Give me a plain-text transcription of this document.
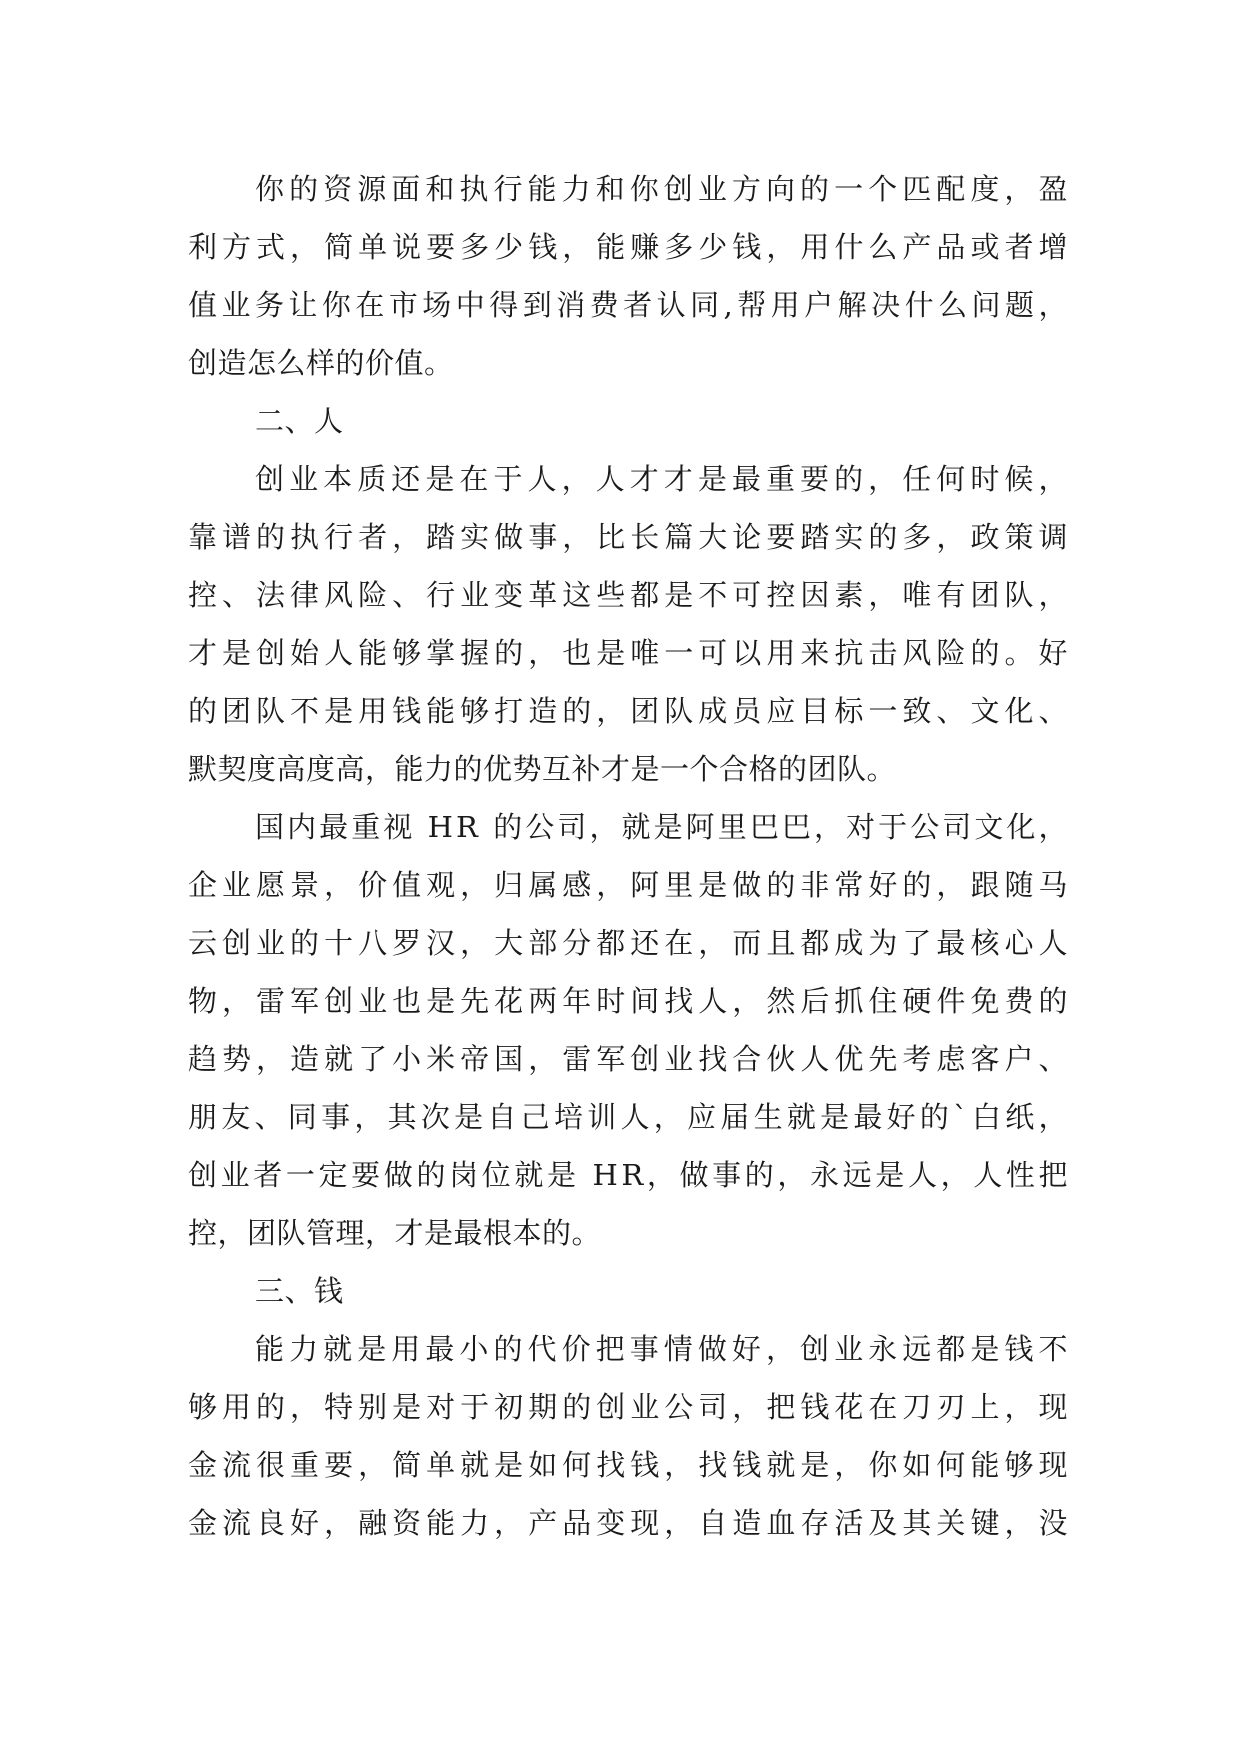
你的资源面和执行能力和你创业方向的一个匹配度，盈
利方式，简单说要多少钱，能赚多少钱，用什么产品或者增
值业务让你在市场中得到消费者认同,帮用户解决什么问题，
创造怎么样的价值。
二、人
创业本质还是在于人，人才才是最重要的，任何时候，
靠谱的执行者，踏实做事，比长篇大论要踏实的多，政策调
控、法律风险、行业变革这些都是不可控因素，唯有团队，
才是创始人能够掌握的，也是唯一可以用来抗击风险的。好
的团队不是用钱能够打造的，团队成员应目标一致、文化、
默契度高度高，能力的优势互补才是一个合格的团队。
国内最重视 HR 的公司，就是阿里巴巴，对于公司文化，
企业愿景，价值观，归属感，阿里是做的非常好的，跟随马
云创业的十八罗汉，大部分都还在，而且都成为了最核心人
物，雷军创业也是先花两年时间找人，然后抓住硬件免费的
趋势，造就了小米帝国，雷军创业找合伙人优先考虑客户、
朋友、同事，其次是自己培训人，应届生就是最好的`白纸，
创业者一定要做的岗位就是 HR，做事的，永远是人，人性把
控，团队管理，才是最根本的。
三、钱
能力就是用最小的代价把事情做好，创业永远都是钱不
够用的，特别是对于初期的创业公司，把钱花在刀刃上，现
金流很重要，简单就是如何找钱，找钱就是，你如何能够现
金流良好，融资能力，产品变现，自造血存活及其关键，没
